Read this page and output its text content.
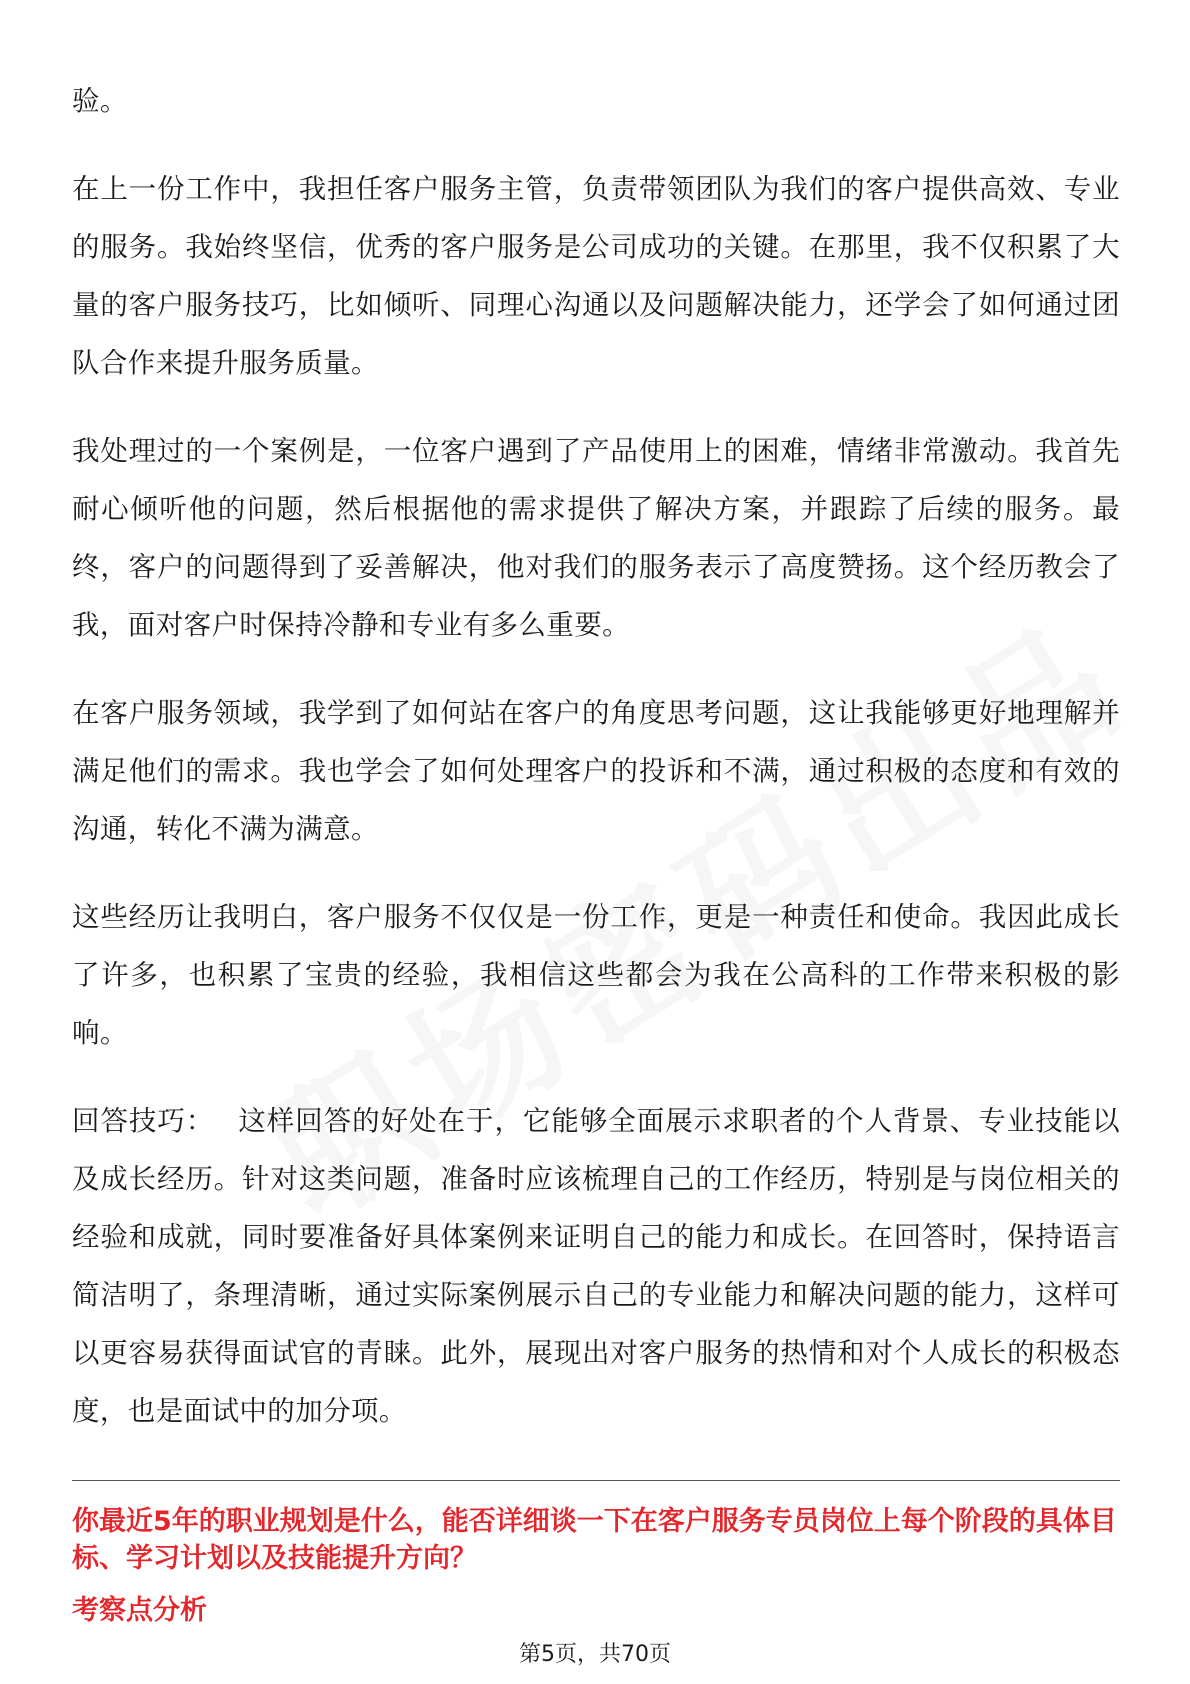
验。

在上一份工作中，我担任客户服务主管，负责带领团队为我们的客户提供高效、专业的服务。我始终坚信，优秀的客户服务是公司成功的关键。在那里，我不仅积累了大量的客户服务技巧，比如倾听、同理心沟通以及问题解决能力，还学会了如何通过团队合作来提升服务质量。

我处理过的一个案例是，一位客户遇到了产品使用上的困难，情绪非常激动。我首先耐心倾听他的问题，然后根据他的需求提供了解决方案，并跟踪了后续的服务。最终，客户的问题得到了妥善解决，他对我们的服务表示了高度赞扬。这个经历教会了我，面对客户时保持冷静和专业有多么重要。

在客户服务领域，我学到了如何站在客户的角度思考问题，这让我能够更好地理解并满足他们的需求。我也学会了如何处理客户的投诉和不满，通过积极的态度和有效的沟通，转化不满为满意。

这些经历让我明白，客户服务不仅仅是一份工作，更是一种责任和使命。我因此成长了许多，也积累了宝贵的经验，我相信这些都会为我在公高科的工作带来积极的影响。

回答技巧： 这样回答的好处在于，它能够全面展示求职者的个人背景、专业技能以及成长经历。针对这类问题，准备时应该梳理自己的工作经历，特别是与岗位相关的经验和成就，同时要准备好具体案例来证明自己的能力和成长。在回答时，保持语言简洁明了，条理清晰，通过实际案例展示自己的专业能力和解决问题的能力，这样可以更容易获得面试官的青睐。此外，展现出对客户服务的热情和对个人成长的积极态度，也是面试中的加分项。

你最近5年的职业规划是什么，能否详细谈一下在客户服务专员岗位上每个阶段的具体目标、学习计划以及技能提升方向？

考察点分析

第5页，共70页
